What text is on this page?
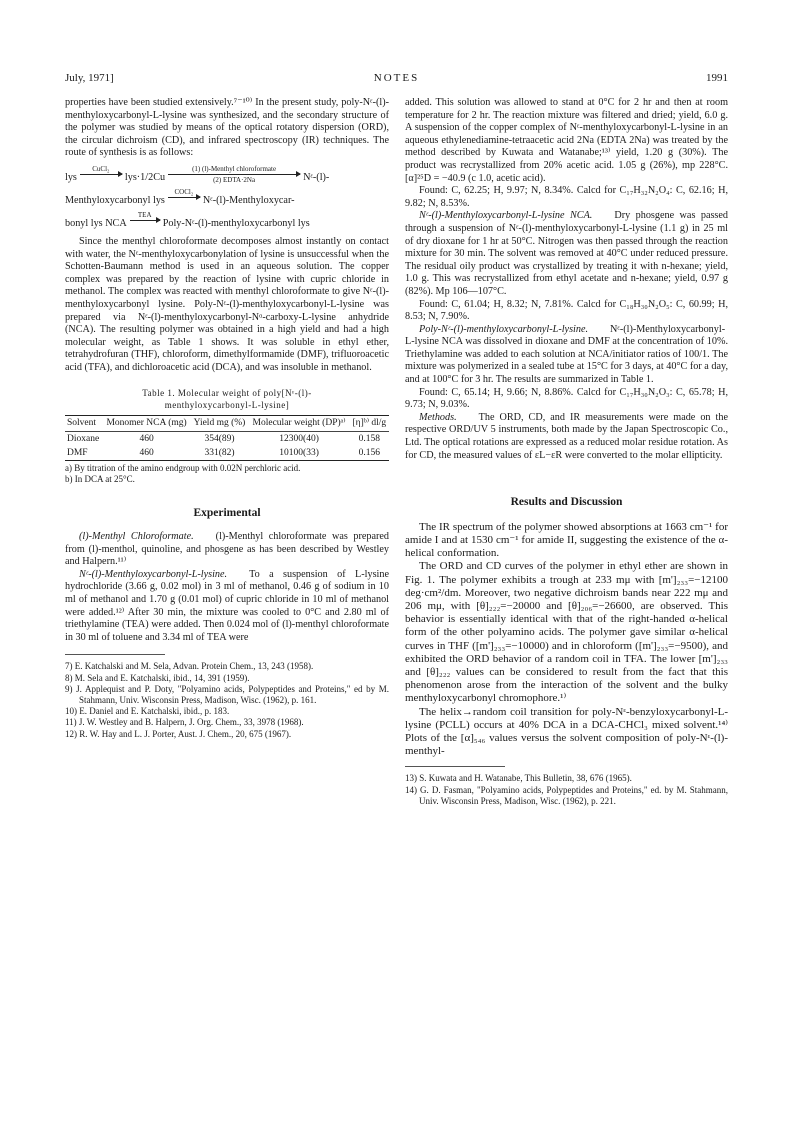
July, 1971]	NOTES	1991

properties have been studied extensively.⁷⁻¹⁰⁾ In the present study, poly-Nᵋ-(l)-menthyloxycarbonyl-L-lysine was synthesized, and the secondary structure of the polymer was studied by means of the optical rotatory dispersion (ORD), the circular dichroism (CD), and infrared spectroscopy (IR) techniques. The route of synthesis is as follows:

lys
CuCl₂

lys·1/2Cu
(1) (l)-Menthyl chloroformate
(2) EDTA·2Na	Nᵋ-(l)-
Menthyloxycarbonyl lys
COCl₂

Nᵋ-(l)-Menthyloxycar-
bonyl lys NCA
TEA

Poly-Nᵋ-(l)-menthyloxycarbonyl lys

Since the menthyl chloroformate decomposes almost instantly on contact with water, the Nᵋ-menthyloxycarbonylation of lysine is unsuccessful when the Schotten-Baumann method is used in an aqueous solution. The copper complex was prepared by the reaction of lysine with cupric chloride in methanol. The complex was reacted with menthyl chloroformate to give Nᵋ-(l)-menthyloxycarbonyl lysine. Poly-Nᵋ-(l)-menthyloxycarbonyl-L-lysine was prepared via Nᵋ-(l)-menthyloxycarbonyl-Nᵅ-carboxy-L-lysine anhydride (NCA). The resulting polymer was obtained in a high yield and had a high molecular weight, as Table 1 shows. It was soluble in ethyl ether, tetrahydrofuran (THF), chloroform, dimethylformamide (DMF), trifluoroacetic acid (TFA), and dichloroacetic acid (DCA), and was insoluble in methanol.

Table 1. Molecular weight of poly[Nᵋ-(l)-
menthyloxycarbonyl-L-lysine]
Solvent	Monomer NCA (mg)	Yield mg (%)	Molecular weight (DP)ᵃ⁾	[η]ᵇ⁾ dl/g
Dioxane	460	354(89)	12300(40)	0.158
DMF	460	331(82)	10100(33)	0.156

a) By titration of the amino endgroup with 0.02N perchloric acid.
b) In DCA at 25°C.
Experimental

(l)-Menthyl Chloroformate. (l)-Menthyl chloroformate was prepared from (l)-menthol, quinoline, and phosgene as has been described by Westley and Halpern.¹¹⁾

Nᵋ-(l)-Menthyloxycarbonyl-L-lysine. To a suspension of L-lysine hydrochloride (3.66 g, 0.02 mol) in 3 ml of methanol, 0.46 g of sodium in 10 ml of methanol and 1.70 g (0.01 mol) of cupric chloride in 10 ml of methanol were added.¹²⁾ After 30 min, the mixture was cooled to 0°C and 2.80 ml of triethylamine (TEA) were added. Then 0.024 mol of (l)-menthyl chloroformate in 30 ml of toluene and 3.34 ml of TEA were

7) E. Katchalski and M. Sela, Advan. Protein Chem., 13, 243 (1958).
8) M. Sela and E. Katchalski, ibid., 14, 391 (1959).
9) J. Applequist and P. Doty, "Polyamino acids, Polypeptides and Proteins," ed by M. Stahmann, Univ. Wisconsin Press, Madison, Wisc. (1962), p. 161.
10) E. Daniel and E. Katchalski, ibid., p. 183.
11) J. W. Westley and B. Halpern, J. Org. Chem., 33, 3978 (1968).
12) R. W. Hay and L. J. Porter, Aust. J. Chem., 20, 675 (1967).

added. This solution was allowed to stand at 0°C for 2 hr and then at room temperature for 2 hr. The reaction mixture was filtered and dried; yield, 6.0 g. A suspension of the copper complex of Nᵋ-menthyloxycarbonyl-L-lysine in an aqueous ethylenediamine-tetraacetic acid 2Na (EDTA 2Na) was treated by the method described by Kuwata and Watanabe;¹³⁾ yield, 1.20 g (30%). The product was recrystallized from 20% acetic acid. 1.05 g (26%), mp 228°C. [α]²⁵D = −40.9 (c 1.0, acetic acid).

Found: C, 62.25; H, 9.97; N, 8.34%. Calcd for C₁₇H₃₂N₂O₄: C, 62.16; H, 9.82; N, 8.53%.

Nᵋ-(l)-Menthyloxycarbonyl-L-lysine NCA. Dry phosgene was passed through a suspension of Nᵋ-(l)-menthyloxycarbonyl-L-lysine (1.1 g) in 25 ml of dry dioxane for 1 hr at 50°C. Nitrogen was then passed through the reaction mixture for 30 min. The solvent was removed at 40°C under reduced pressure. The residual oily product was crystallized by treating it with n-hexane; yield, 1.0 g. This was recrystallized from ethyl acetate and n-hexane; yield, 0.97 g (82%). Mp 106—107°C.

Found: C, 61.04; H, 8.32; N, 7.81%. Calcd for C₁₈H₃₀N₂O₅: C, 60.99; H, 8.53; N, 7.90%.

Poly-Nᵋ-(l)-menthyloxycarbonyl-L-lysine. Nᵋ-(l)-Menthyloxycarbonyl-L-lysine NCA was dissolved in dioxane and DMF at the concentration of 10%. Triethylamine was added to each solution at NCA/initiator ratios of 100/1. The mixture was polymerized in a sealed tube at 15°C for 3 days, at 40°C for a day, and at 100°C for 3 hr. The results are summarized in Table 1.

Found: C, 65.14; H, 9.66; N, 8.86%. Calcd for C₁₇H₃₀N₂O₃: C, 65.78; H, 9.73; N, 9.03%.

Methods. The ORD, CD, and IR measurements were made on the respective ORD/UV 5 instruments, both made by the Japan Spectroscopic Co., Ltd. The optical rotations are expressed as a reduced molar residue rotation. As for CD, the measured values of εL−εR were converted to the molar ellipticity.

Results and Discussion

The IR spectrum of the polymer showed absorptions at 1663 cm⁻¹ for amide I and at 1530 cm⁻¹ for amide II, suggesting the existence of the α-helical conformation.

The ORD and CD curves of the polymer in ethyl ether are shown in Fig. 1. The polymer exhibits a trough at 233 mμ with [m']₂₃₃=−12100 deg·cm²/dm. Moreover, two negative dichroism bands near 222 mμ and 206 mμ, with [θ]₂₂₂=−20000 and [θ]₂₀₆=−26600, are observed. This behavior is essentially identical with that of the right-handed α-helical form of the other polyamino acids. The polymer gave similar α-helical curves in THF ([m']₂₃₃=−10000) and in chloroform ([m']₂₃₃=−9500), and exhibited the ORD behavior of a random coil in TFA. The lower [m']₂₃₃ and [θ]₂₂₂ values can be considered to result from the fact that this phenomenon arose from the interaction of the solvent and the bulky menthyloxycarbonyl chromophore.¹⁾

The helix→random coil transition for poly-Nᵋ-benzyloxycarbonyl-L-lysine (PCLL) occurs at 40% DCA in a DCA-CHCl₃ mixed solvent.¹⁴⁾ Plots of the [α]₅₄₆ values versus the solvent composition of poly-Nᵋ-(l)-menthyl-

13) S. Kuwata and H. Watanabe, This Bulletin, 38, 676 (1965).
14) G. D. Fasman, "Polyamino acids, Polypeptides and Proteins," ed. by M. Stahmann, Univ. Wisconsin Press, Madison, Wisc. (1962), p. 221.
